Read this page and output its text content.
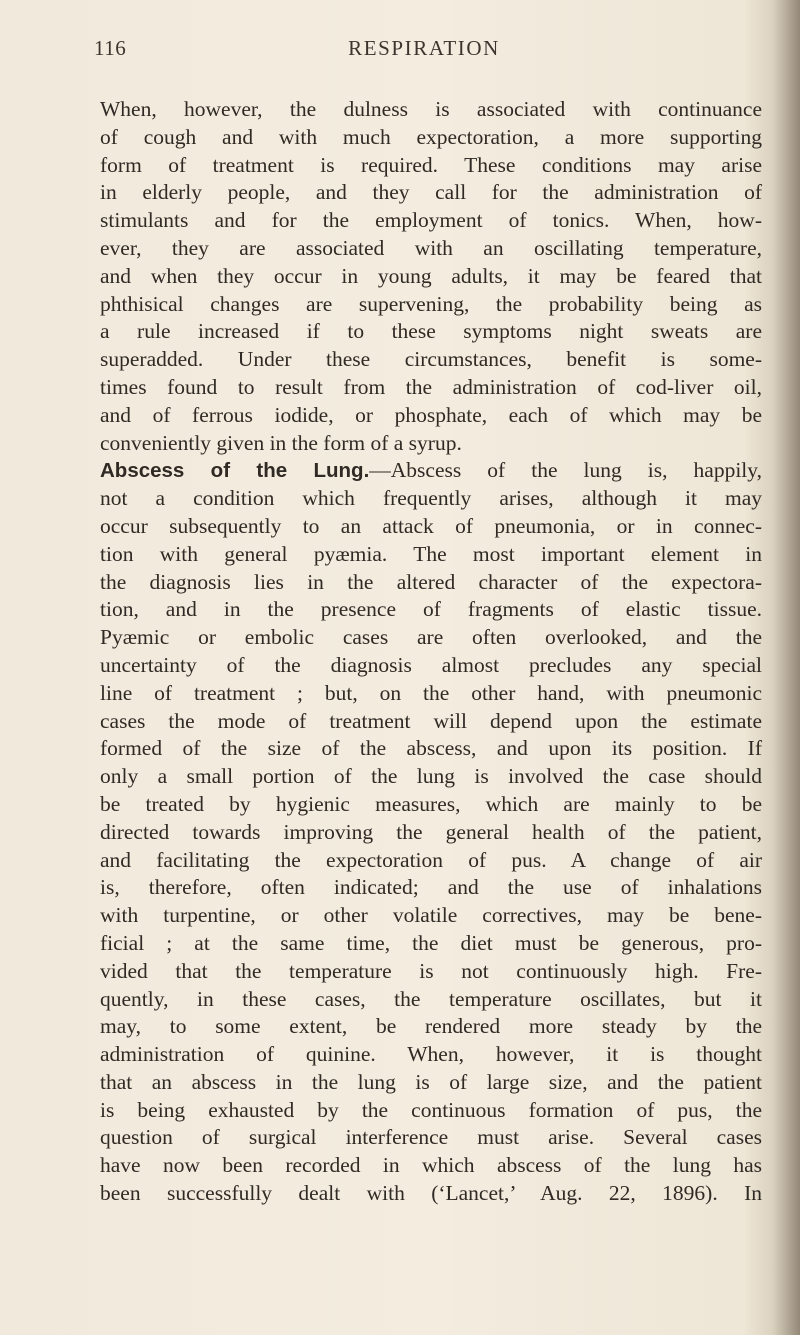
116	RESPIRATION
When, however, the dulness is associated with continuance
of cough and with much expectoration, a more supporting
form of treatment is required. These conditions may arise
in elderly people, and they call for the administration of
stimulants and for the employment of tonics. When, how-
ever, they are associated with an oscillating temperature,
and when they occur in young adults, it may be feared that
phthisical changes are supervening, the probability being as
a rule increased if to these symptoms night sweats are
superadded. Under these circumstances, benefit is some-
times found to result from the administration of cod-liver oil,
and of ferrous iodide, or phosphate, each of which may be
conveniently given in the form of a syrup.
Abscess of the Lung.—Abscess of the lung is, happily,
not a condition which frequently arises, although it may
occur subsequently to an attack of pneumonia, or in connec-
tion with general pyæmia. The most important element in
the diagnosis lies in the altered character of the expectora-
tion, and in the presence of fragments of elastic tissue.
Pyæmic or embolic cases are often overlooked, and the
uncertainty of the diagnosis almost precludes any special
line of treatment ; but, on the other hand, with pneumonic
cases the mode of treatment will depend upon the estimate
formed of the size of the abscess, and upon its position. If
only a small portion of the lung is involved the case should
be treated by hygienic measures, which are mainly to be
directed towards improving the general health of the patient,
and facilitating the expectoration of pus. A change of air
is, therefore, often indicated; and the use of inhalations
with turpentine, or other volatile correctives, may be bene-
ficial ; at the same time, the diet must be generous, pro-
vided that the temperature is not continuously high. Fre-
quently, in these cases, the temperature oscillates, but it
may, to some extent, be rendered more steady by the
administration of quinine. When, however, it is thought
that an abscess in the lung is of large size, and the patient
is being exhausted by the continuous formation of pus, the
question of surgical interference must arise. Several cases
have now been recorded in which abscess of the lung has
been successfully dealt with (‘Lancet,’ Aug. 22, 1896). In
